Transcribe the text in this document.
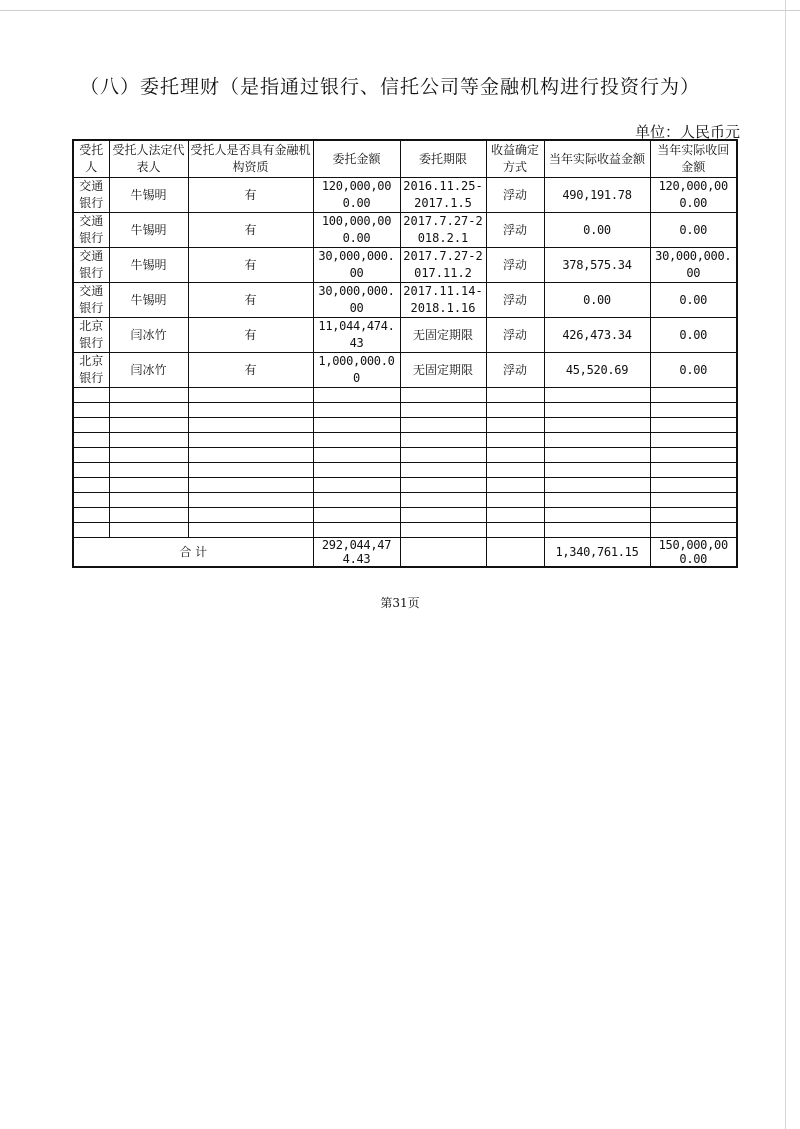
（八）委托理财（是指通过银行、信托公司等金融机构进行投资行为）
单位：人民币元
受托人	受托人法定代表人	受托人是否具有金融机构资质	委托金额	委托期限	收益确定方式	当年实际收益金额	当年实际收回金额
交通银行	牛锡明	有	120,000,000.00	2016.11.25-2017.1.5	浮动	490,191.78	120,000,000.00
交通银行	牛锡明	有	100,000,000.00	2017.7.27-2018.2.1	浮动	0.00	0.00
交通银行	牛锡明	有	30,000,000.00	2017.7.27-2017.11.2	浮动	378,575.34	30,000,000.00
交通银行	牛锡明	有	30,000,000.00	2017.11.14-2018.1.16	浮动	0.00	0.00
北京银行	闫冰竹	有	11,044,474.43	无固定期限	浮动	426,473.34	0.00
北京银行	闫冰竹	有	1,000,000.00	无固定期限	浮动	45,520.69	0.00

合 计			292,044,474.43			1,340,761.15	150,000,000.00
第31页
